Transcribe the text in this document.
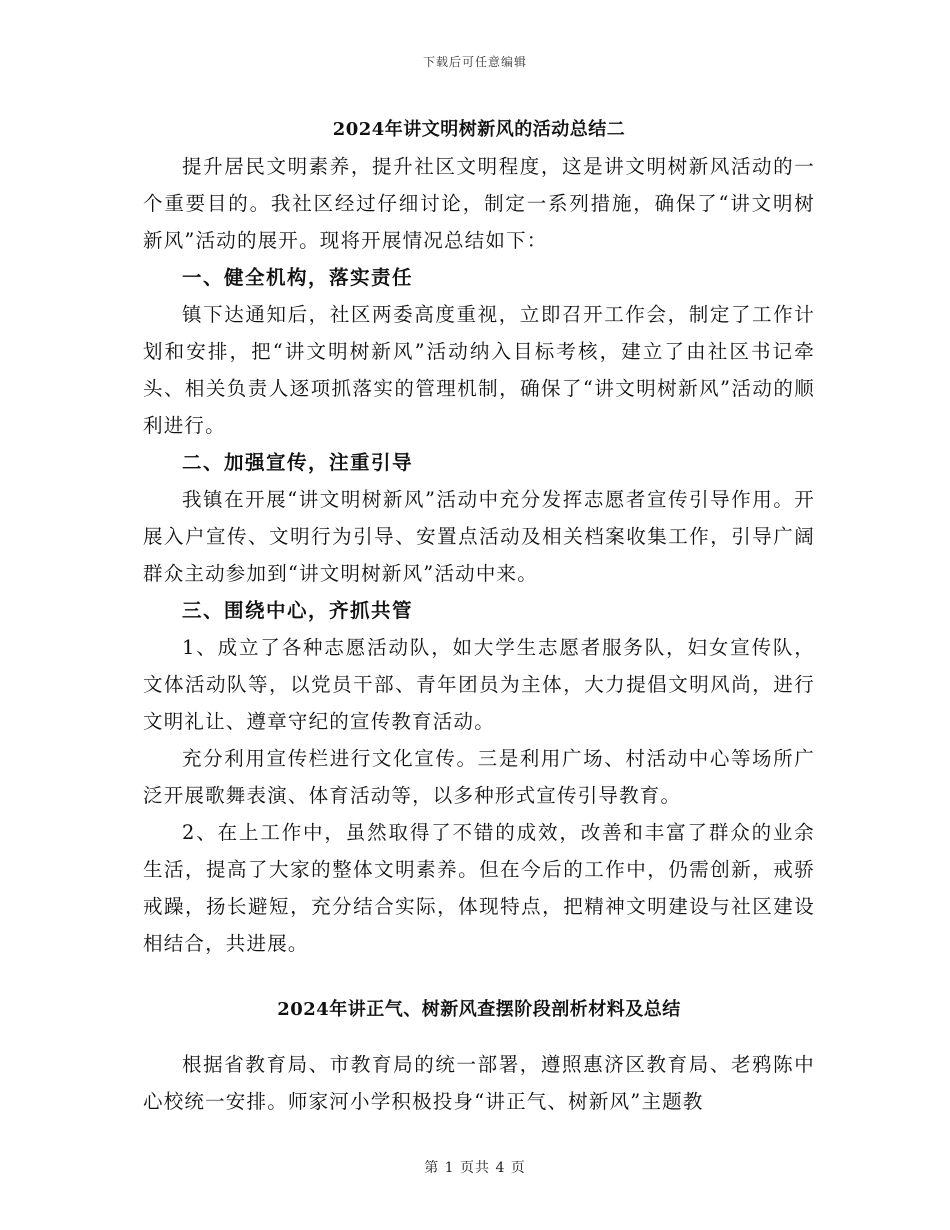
下载后可任意编辑
2024年讲文明树新风的活动总结二

提升居民文明素养，提升社区文明程度，这是讲文明树新风活动的一个重要目的。我社区经过仔细讨论，制定一系列措施，确保了“讲文明树新风”活动的展开。现将开展情况总结如下：

一、健全机构，落实责任

镇下达通知后，社区两委高度重视，立即召开工作会，制定了工作计划和安排，把“讲文明树新风”活动纳入目标考核，建立了由社区书记牵头、相关负责人逐项抓落实的管理机制，确保了“讲文明树新风”活动的顺利进行。

二、加强宣传，注重引导

我镇在开展“讲文明树新风”活动中充分发挥志愿者宣传引导作用。开展入户宣传、文明行为引导、安置点活动及相关档案收集工作，引导广阔群众主动参加到“讲文明树新风”活动中来。

三、围绕中心，齐抓共管

1、成立了各种志愿活动队，如大学生志愿者服务队，妇女宣传队，文体活动队等，以党员干部、青年团员为主体，大力提倡文明风尚，进行文明礼让、遵章守纪的宣传教育活动。

充分利用宣传栏进行文化宣传。三是利用广场、村活动中心等场所广泛开展歌舞表演、体育活动等，以多种形式宣传引导教育。

2、在上工作中，虽然取得了不错的成效，改善和丰富了群众的业余生活，提高了大家的整体文明素养。但在今后的工作中，仍需创新，戒骄戒躁，扬长避短，充分结合实际，体现特点，把精神文明建设与社区建设相结合，共进展。

2024年讲正气、树新风查摆阶段剖析材料及总结

根据省教育局、市教育局的统一部署，遵照惠济区教育局、老鸦陈中心校统一安排。师家河小学积极投身“讲正气、树新风”主题教

第 1 页共 4 页
